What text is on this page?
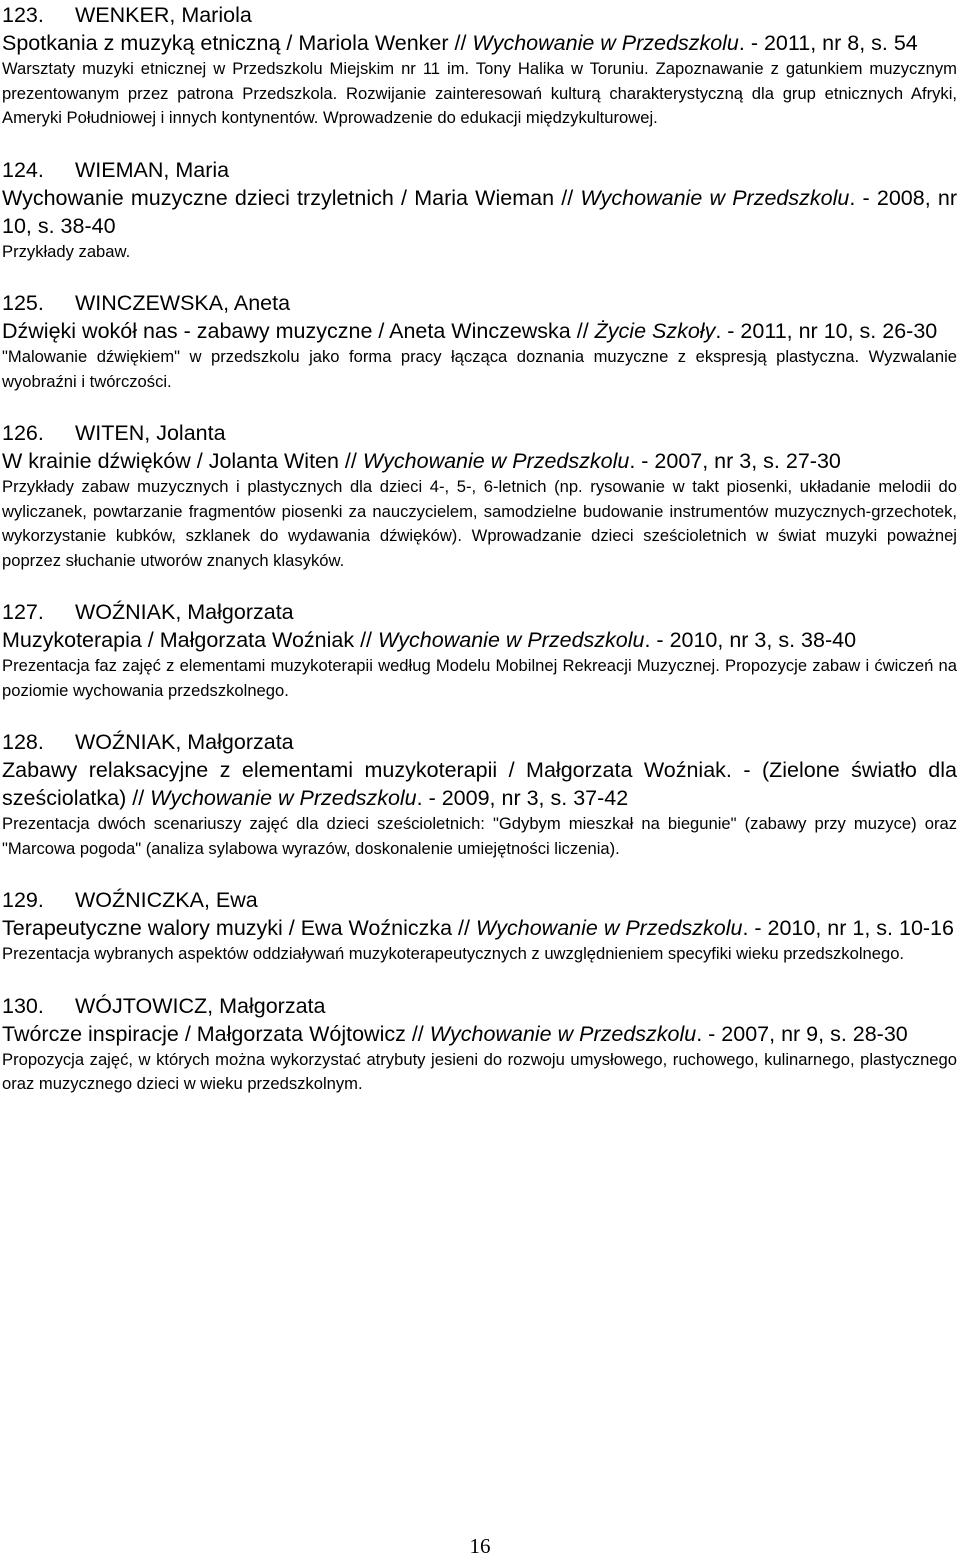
123. WENKER, Mariola

Spotkania z muzyką etniczną / Mariola Wenker // Wychowanie w Przedszkolu. - 2011, nr 8, s. 54

Warsztaty muzyki etnicznej w Przedszkolu Miejskim nr 11 im. Tony Halika w Toruniu. Zapoznawanie z gatunkiem muzycznym prezentowanym przez patrona Przedszkola. Rozwijanie zainteresowań kulturą charakterystyczną dla grup etnicznych Afryki, Ameryki Południowej i innych kontynentów. Wprowadzenie do edukacji międzykulturowej.

124. WIEMAN, Maria

Wychowanie muzyczne dzieci trzyletnich / Maria Wieman // Wychowanie w Przedszkolu. - 2008, nr 10, s. 38-40

Przykłady zabaw.

125. WINCZEWSKA, Aneta

Dźwięki wokół nas - zabawy muzyczne / Aneta Winczewska // Życie Szkoły. - 2011, nr 10, s. 26-30

"Malowanie dźwiękiem" w przedszkolu jako forma pracy łącząca doznania muzyczne z ekspresją plastyczna. Wyzwalanie wyobraźni i twórczości.

126. WITEN, Jolanta

W krainie dźwięków / Jolanta Witen // Wychowanie w Przedszkolu. - 2007, nr 3, s. 27-30

Przykłady zabaw muzycznych i plastycznych dla dzieci 4-, 5-, 6-letnich (np. rysowanie w takt piosenki, układanie melodii do wyliczanek, powtarzanie fragmentów piosenki za nauczycielem, samodzielne budowanie instrumentów muzycznych-grzechotek, wykorzystanie kubków, szklanek do wydawania dźwięków). Wprowadzanie dzieci sześcioletnich w świat muzyki poważnej poprzez słuchanie utworów znanych klasyków.

127. WOŹNIAK, Małgorzata

Muzykoterapia / Małgorzata Woźniak // Wychowanie w Przedszkolu. - 2010, nr 3, s. 38-40

Prezentacja faz zajęć z elementami muzykoterapii według Modelu Mobilnej Rekreacji Muzycznej. Propozycje zabaw i ćwiczeń na poziomie wychowania przedszkolnego.

128. WOŹNIAK, Małgorzata

Zabawy relaksacyjne z elementami muzykoterapii / Małgorzata Woźniak. - (Zielone światło dla sześciolatka) // Wychowanie w Przedszkolu. - 2009, nr 3, s. 37-42

Prezentacja dwóch scenariuszy zajęć dla dzieci sześcioletnich: "Gdybym mieszkał na biegunie" (zabawy przy muzyce) oraz "Marcowa pogoda" (analiza sylabowa wyrazów, doskonalenie umiejętności liczenia).

129. WOŹNICZKA, Ewa

Terapeutyczne walory muzyki / Ewa Woźniczka // Wychowanie w Przedszkolu. - 2010, nr 1, s. 10-16

Prezentacja wybranych aspektów oddziaływań muzykoterapeutycznych z uwzględnieniem specyfiki wieku przedszkolnego.

130. WÓJTOWICZ, Małgorzata

Twórcze inspiracje / Małgorzata Wójtowicz // Wychowanie w Przedszkolu. - 2007, nr 9, s. 28-30

Propozycja zajęć, w których można wykorzystać atrybuty jesieni do rozwoju umysłowego, ruchowego, kulinarnego, plastycznego oraz muzycznego dzieci w wieku przedszkolnym.

16
